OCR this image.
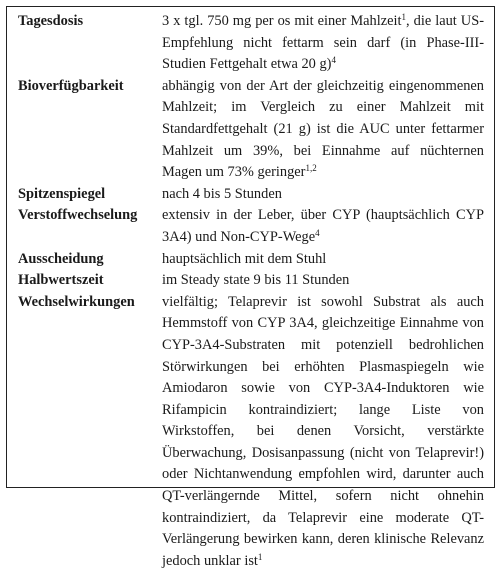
Tagesdosis	3 x tgl. 750 mg per os mit einer Mahlzeit$^1$, die laut US-Empfehlung nicht fettarm sein darf (in Phase-III-Studien Fettgehalt etwa 20 g)$^4$
Bioverfügbarkeit	abhängig von der Art der gleichzeitig eingenommenen Mahlzeit; im Vergleich zu einer Mahlzeit mit Standardfettgehalt (21 g) ist die AUC unter fettarmer Mahlzeit um 39%, bei Einnahme auf nüchternen Magen um 73% geringer$^{1,2}$
Spitzenspiegel	nach 4 bis 5 Stunden
Verstoffwechselung	extensiv in der Leber, über CYP (hauptsächlich CYP 3A4) und Non-CYP-Wege$^4$
Ausscheidung	hauptsächlich mit dem Stuhl
Halbwertszeit	im Steady state 9 bis 11 Stunden
Wechselwirkungen	vielfältig; Telaprevir ist sowohl Substrat als auch Hemmstoff von CYP 3A4, gleichzeitige Einnahme von CYP-3A4-Substraten mit potenziell bedrohlichen Störwirkungen bei erhöhten Plasmaspiegeln wie Amiodaron sowie von CYP-3A4-Induktoren wie Rifampicin kontraindiziert; lange Liste von Wirkstoffen, bei denen Vorsicht, verstärkte Überwachung, Dosisanpassung (nicht von Telaprevir!) oder Nichtanwendung empfohlen wird, darunter auch QT-verlängernde Mittel, sofern nicht ohnehin kontraindiziert, da Telaprevir eine moderate QT-Verlängerung bewirken kann, deren klinische Relevanz jedoch unklar ist$^1$
